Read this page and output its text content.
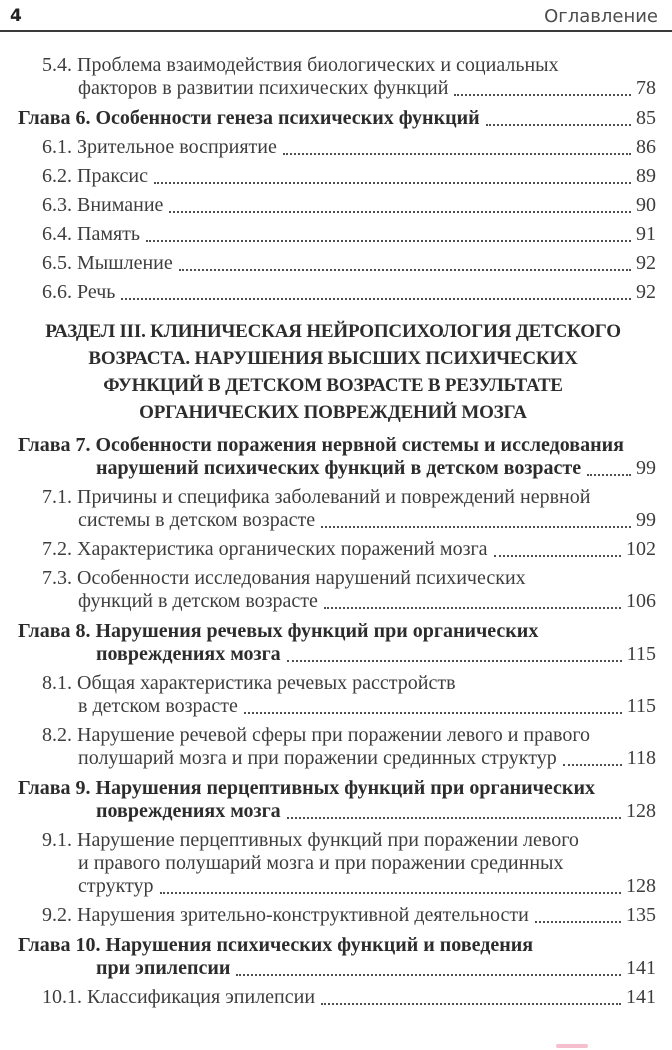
4	Оглавление
5.4. Проблема взаимодействия биологических и социальных
факторов в развитии психических функций	78
Глава 6. Особенности генеза психических функций	85
6.1. Зрительное восприятие	86
6.2. Праксис	89
6.3. Внимание	90
6.4. Память	91
6.5. Мышление	92
6.6. Речь	92
РАЗДЕЛ III. КЛИНИЧЕСКАЯ НЕЙРОПСИХОЛОГИЯ ДЕТСКОГО
ВОЗРАСТА. НАРУШЕНИЯ ВЫСШИХ ПСИХИЧЕСКИХ
ФУНКЦИЙ В ДЕТСКОМ ВОЗРАСТЕ В РЕЗУЛЬТАТЕ
ОРГАНИЧЕСКИХ ПОВРЕЖДЕНИЙ МОЗГА
Глава 7. Особенности поражения нервной системы и исследования
нарушений психических функций в детском возрасте	99
7.1. Причины и специфика заболеваний и повреждений нервной
системы в детском возрасте	99
7.2. Характеристика органических поражений мозга	102
7.3. Особенности исследования нарушений психических
функций в детском возрасте	106
Глава 8. Нарушения речевых функций при органических
повреждениях мозга	115
8.1. Общая характеристика речевых расстройств
в детском возрасте	115
8.2. Нарушение речевой сферы при поражении левого и правого
полушарий мозга и при поражении срединных структур	118
Глава 9. Нарушения перцептивных функций при органических
повреждениях мозга	128
9.1. Нарушение перцептивных функций при поражении левого
и правого полушарий мозга и при поражении срединных
структур	128
9.2. Нарушения зрительно-конструктивной деятельности	135
Глава 10. Нарушения психических функций и поведения
при эпилепсии	141
10.1. Классификация эпилепсии	141
